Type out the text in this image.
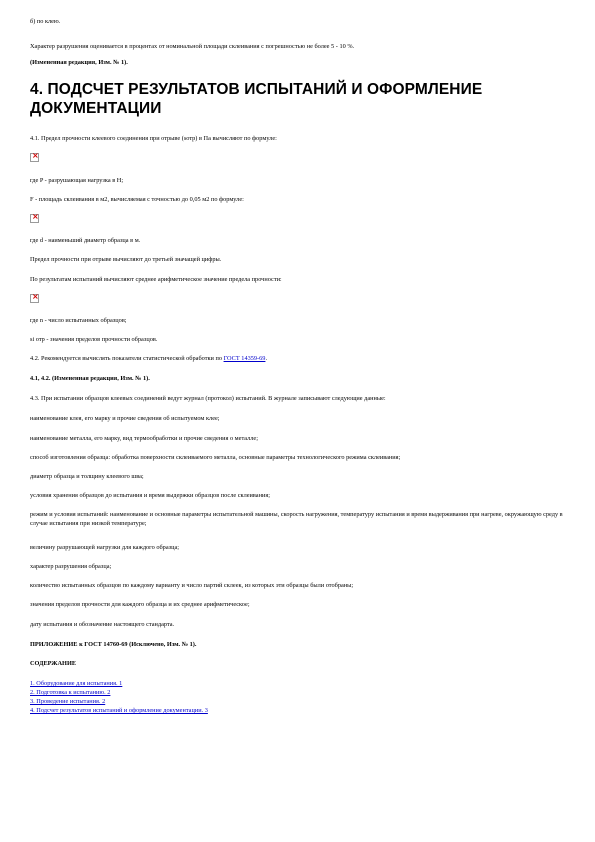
б) по клею.
Характер разрушения оценивается в процентах от номинальной площади склеивания с погрешностью не более 5 - 10 %.
(Измененная редакция, Изм. № 1).
4. ПОДСЧЕТ РЕЗУЛЬТАТОВ ИСПЫТАНИЙ И ОФОРМЛЕНИЕ ДОКУМЕНТАЦИИ
4.1. Предел прочности клеевого соединения при отрыве (sотр) в Па вычисляют по формуле:
×
где P - разрушающая нагрузка в Н;
F - площадь склеивания в м2, вычисляемая с точностью до 0,05 м2 по формуле:
×
где d - наименьший диаметр образца в м.
Предел прочности при отрыве вычисляют до третьей значащей цифры.
По результатам испытаний вычисляют среднее арифметическое значение предела прочности:
×
где n - число испытанных образцов;
si отр - значения пределов прочности образцов.
4.2. Рекомендуется вычислять показатели статистической обработки по ГОСТ 14359-69.
4.1, 4.2. (Измененная редакция, Изм. № 1).
4.3. При испытании образцов клеевых соединений ведут журнал (протокол) испытаний. В журнале записывают следующие данные:
наименование клея, его марку и прочие сведения об испытуемом клее;
наименование металла, его марку, вид термообработки и прочие сведения о металле;
способ изготовления образца: обработка поверхности склеиваемого металла, основные параметры технологического режима склеивания;
диаметр образца и толщину клеевого шва;
условия хранения образцов до испытания и время выдержки образцов после склеивания;
режим и условия испытаний: наименование и основные параметры испытательной машины, скорость нагружения, температуру испытания и время выдерживания при нагреве, окружающую среду в случае испытания при низкой температуре;
величину разрушающей нагрузки для каждого образца;
характер разрушения образца;
количество испытанных образцов по каждому варианту и число партий склеек, из которых эти образцы были отобраны;
значения пределов прочности для каждого образца и их среднее арифметическое;
дату испытания и обозначение настоящего стандарта.
ПРИЛОЖЕНИЕ к ГОСТ 14760-69 (Исключено, Изм. № 1).
СОДЕРЖАНИЕ
1. Оборудование для испытания. 1
2. Подготовка к испытанию. 2
3. Проведение испытания. 2
4. Подсчет результатов испытаний и оформление документации. 3
